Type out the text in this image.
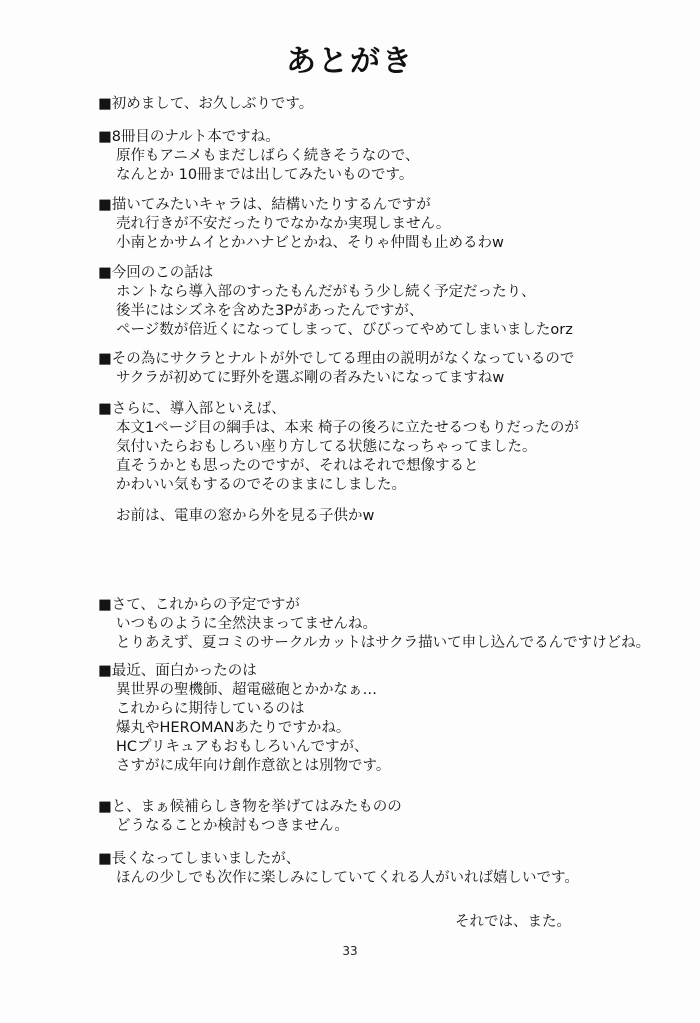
あとがき
■初めまして、お久しぶりです。
■8冊目のナルト本ですね。
原作もアニメもまだしばらく続きそうなので、
なんとか 10冊までは出してみたいものです。
■描いてみたいキャラは、結構いたりするんですが
売れ行きが不安だったりでなかなか実現しません。
小南とかサムイとかハナビとかね、そりゃ仲間も止めるわw
■今回のこの話は
ホントなら導入部のすったもんだがもう少し続く予定だったり、
後半にはシズネを含めた3Pがあったんですが、
ページ数が倍近くになってしまって、びびってやめてしまいましたorz
■その為にサクラとナルトが外でしてる理由の説明がなくなっているので
サクラが初めてに野外を選ぶ剛の者みたいになってますねw
■さらに、導入部といえば、
本文1ページ目の綱手は、本来 椅子の後ろに立たせるつもりだったのが
気付いたらおもしろい座り方してる状態になっちゃってました。
直そうかとも思ったのですが、それはそれで想像すると
かわいい気もするのでそのままにしました。
お前は、電車の窓から外を見る子供かw
■さて、これからの予定ですが
いつものように全然決まってませんね。
とりあえず、夏コミのサークルカットはサクラ描いて申し込んでるんですけどね。
■最近、面白かったのは
異世界の聖機師、超電磁砲とかかなぁ…
これからに期待しているのは
爆丸やHEROMANあたりですかね。
HCプリキュアもおもしろいんですが、
さすがに成年向け創作意欲とは別物です。
■と、まぁ候補らしき物を挙げてはみたものの
どうなることか検討もつきません。
■長くなってしまいましたが、
ほんの少しでも次作に楽しみにしていてくれる人がいれば嬉しいです。
それでは、また。
33
